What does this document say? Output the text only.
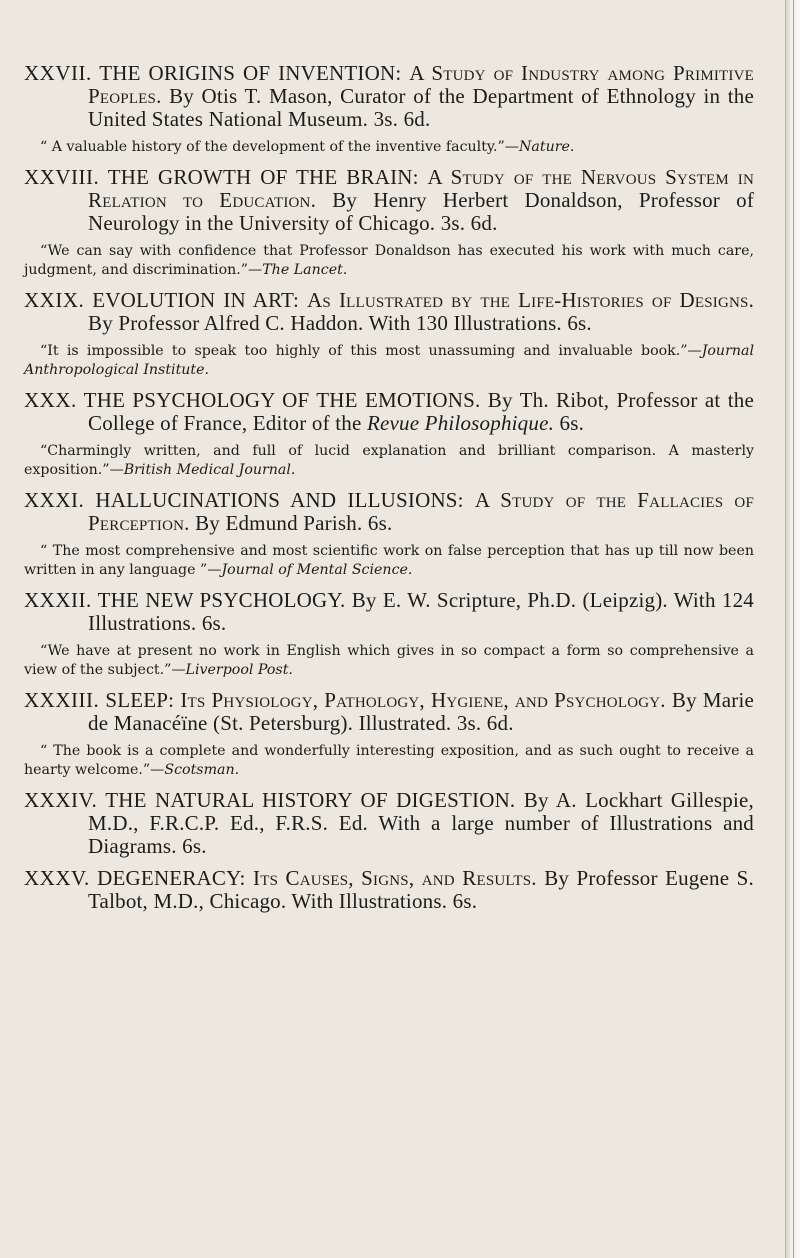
XXVII. THE ORIGINS OF INVENTION: A Study of Industry among Primitive Peoples. By Otis T. Mason, Curator of the Department of Ethnology in the United States National Museum. 3s. 6d.
“ A valuable history of the development of the inventive faculty.”—Nature.
XXVIII. THE GROWTH OF THE BRAIN: A Study of the Nervous System in Relation to Education. By Henry Herbert Donaldson, Professor of Neurology in the University of Chicago. 3s. 6d.
“We can say with confidence that Professor Donaldson has executed his work with much care, judgment, and discrimination.”—The Lancet.
XXIX. EVOLUTION IN ART: As Illustrated by the Life-Histories of Designs. By Professor Alfred C. Haddon. With 130 Illustrations. 6s.
“It is impossible to speak too highly of this most unassuming and invaluable book.”—Journal Anthropological Institute.
XXX. THE PSYCHOLOGY OF THE EMOTIONS. By Th. Ribot, Professor at the College of France, Editor of the Revue Philosophique. 6s.
“Charmingly written, and full of lucid explanation and brilliant comparison. A masterly exposition.”—British Medical Journal.
XXXI. HALLUCINATIONS AND ILLUSIONS: A Study of the Fallacies of Perception. By Edmund Parish. 6s.
“ The most comprehensive and most scientific work on false perception that has up till now been written in any language ”—Journal of Mental Science.
XXXII. THE NEW PSYCHOLOGY. By E. W. Scripture, Ph.D. (Leipzig). With 124 Illustrations. 6s.
“We have at present no work in English which gives in so compact a form so comprehensive a view of the subject.”—Liverpool Post.
XXXIII. SLEEP: Its Physiology, Pathology, Hygiene, and Psychology. By Marie de Manacéïne (St. Petersburg). Illustrated. 3s. 6d.
“ The book is a complete and wonderfully interesting exposition, and as such ought to receive a hearty welcome.”—Scotsman.
XXXIV. THE NATURAL HISTORY OF DIGESTION. By A. Lockhart Gillespie, M.D., F.R.C.P. Ed., F.R.S. Ed. With a large number of Illustrations and Diagrams. 6s.
XXXV. DEGENERACY: Its Causes, Signs, and Results. By Professor Eugene S. Talbot, M.D., Chicago. With Illustrations. 6s.
